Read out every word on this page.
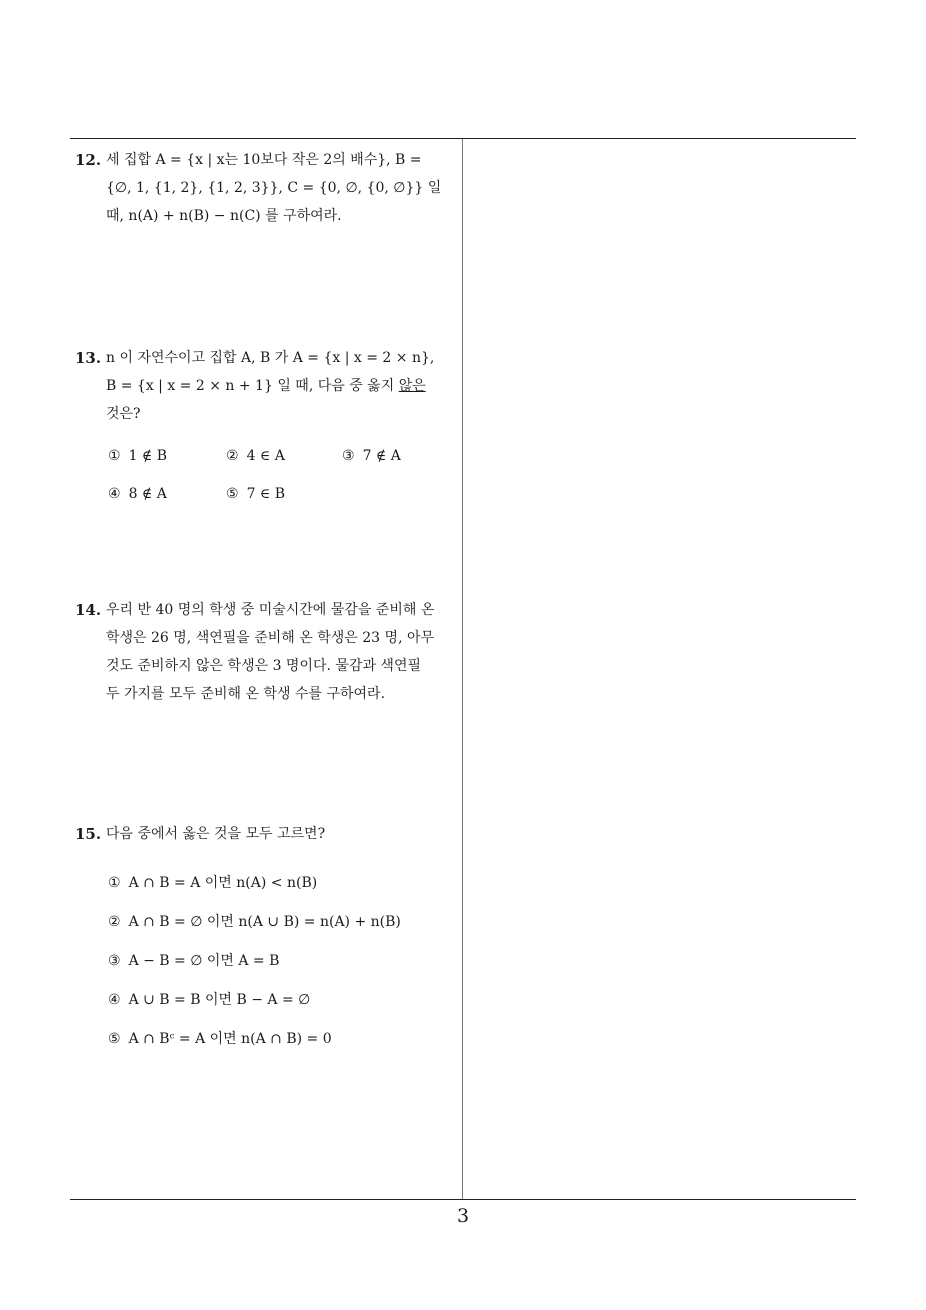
12. 세 집합 A = {x | x는 10보다 작은 2의 배수}, B =
{∅, 1, {1, 2}, {1, 2, 3}}, C = {0, ∅, {0, ∅}} 일
때, n(A) + n(B) − n(C) 를 구하여라.
13. n 이 자연수이고 집합 A, B 가 A = {x | x = 2 × n},
B = {x | x = 2 × n + 1} 일 때, 다음 중 옳지 않은
것은?
① 1 ∉ B	② 4 ∈ A	③ 7 ∉ A
④ 8 ∉ A	⑤ 7 ∈ B
14. 우리 반 40 명의 학생 중 미술시간에 물감을 준비해 온
학생은 26 명, 색연필을 준비해 온 학생은 23 명, 아무
것도 준비하지 않은 학생은 3 명이다. 물감과 색연필
두 가지를 모두 준비해 온 학생 수를 구하여라.
15. 다음 중에서 옳은 것을 모두 고르면?
① A ∩ B = A 이면 n(A) < n(B)
② A ∩ B = ∅ 이면 n(A ∪ B) = n(A) + n(B)
③ A − B = ∅ 이면 A = B
④ A ∪ B = B 이면 B − A = ∅
⑤ A ∩ Bᶜ = A 이면 n(A ∩ B) = 0
3
